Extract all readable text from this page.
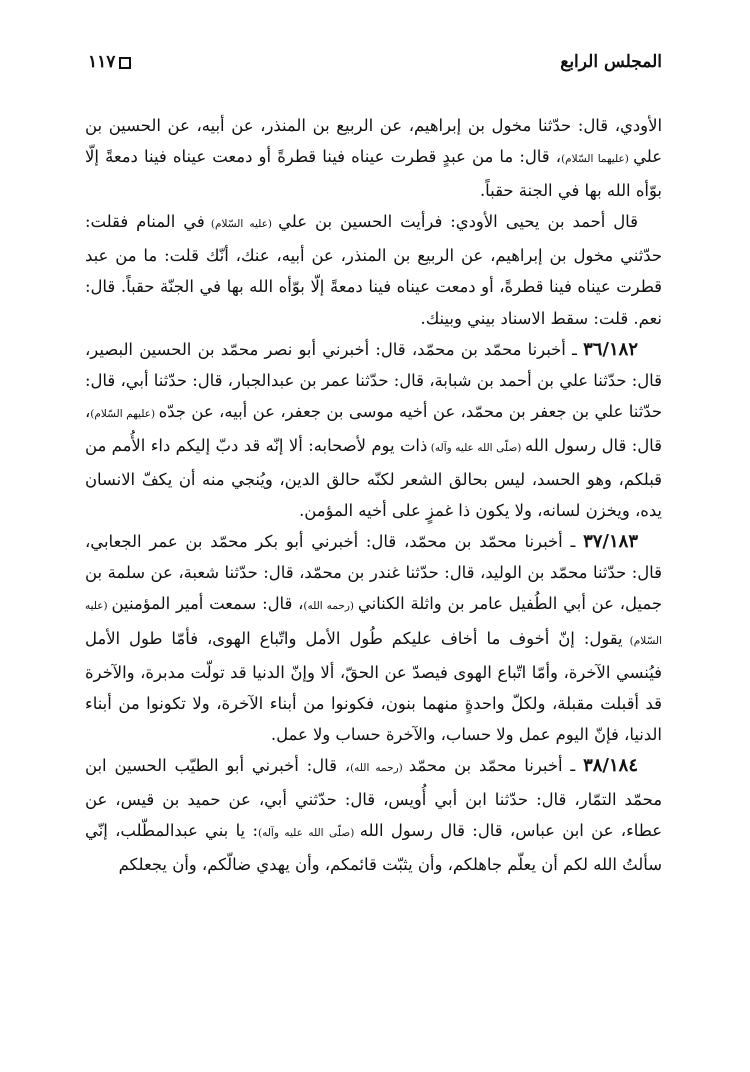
المجلس الرابع
١١٧

الأودي، قال: حدّثنا مخول بن إبراهيم، عن الربيع بن المنذر، عن أبيه، عن الحسين بن علي (عليهما السّلام)، قال: ما من عبدٍ قطرت عيناه فينا قطرةً أو دمعت عيناه فينا دمعةً إلّا بوّأه الله بها في الجنة حقباً.

قال أحمد بن يحيى الأودي: فرأيت الحسين بن علي (عليه السّلام) في المنام فقلت: حدّثني مخول بن إبراهيم، عن الربيع بن المنذر، عن أبيه، عنك، أنّك قلت: ما من عبد قطرت عيناه فينا قطرةً، أو دمعت عيناه فينا دمعةً إلّا بوّأه الله بها في الجنّة حقباً. قال: نعم. قلت: سقط الاسناد بيني وبينك.

٣٦/١٨٢ ـ أخبرنا محمّد بن محمّد، قال: أخبرني أبو نصر محمّد بن الحسين البصير، قال: حدّثنا علي بن أحمد بن شبابة، قال: حدّثنا عمر بن عبدالجبار، قال: حدّثنا أبي، قال: حدّثنا علي بن جعفر بن محمّد، عن أخيه موسى بن جعفر، عن أبيه، عن جدّه (عليهم السّلام)، قال: قال رسول الله (صلّى الله عليه وآله) ذات يوم لأصحابه: ألا إنّه قد دبّ إليكم داء الأُمم من قبلكم، وهو الحسد، ليس بحالق الشعر لكنّه حالق الدين، ويُنجي منه أن يكفّ الانسان يده، ويخزن لسانه، ولا يكون ذا غمزٍ على أخيه المؤمن.

٣٧/١٨٣ ـ أخبرنا محمّد بن محمّد، قال: أخبرني أبو بكر محمّد بن عمر الجعابي، قال: حدّثنا محمّد بن الوليد، قال: حدّثنا غندر بن محمّد، قال: حدّثنا شعبة، عن سلمة بن جميل، عن أبي الطُفيل عامر بن واثلة الكناني (رحمه الله)، قال: سمعت أمير المؤمنين (عليه السّلام) يقول: إنّ أخوف ما أخاف عليكم طُول الأمل واتّباع الهوى، فأمّا طول الأمل فيُنسي الآخرة، وأمّا اتّباع الهوى فيصدّ عن الحقّ، ألا وإنّ الدنيا قد تولّت مدبرة، والآخرة قد أقبلت مقبلة، ولكلّ واحدةٍ منهما بنون، فكونوا من أبناء الآخرة، ولا تكونوا من أبناء الدنيا، فإنّ اليوم عمل ولا حساب، والآخرة حساب ولا عمل.

٣٨/١٨٤ ـ أخبرنا محمّد بن محمّد (رحمه الله)، قال: أخبرني أبو الطيّب الحسين ابن محمّد التمّار، قال: حدّثنا ابن أبي أُويس، قال: حدّثني أبي، عن حميد بن قيس، عن عطاء، عن ابن عباس، قال: قال رسول الله (صلّى الله عليه وآله): يا بني عبدالمطّلب، إنّي سألتُ الله لكم أن يعلّم جاهلكم، وأن يثبّت قائمكم، وأن يهدي ضالّكم، وأن يجعلكم
